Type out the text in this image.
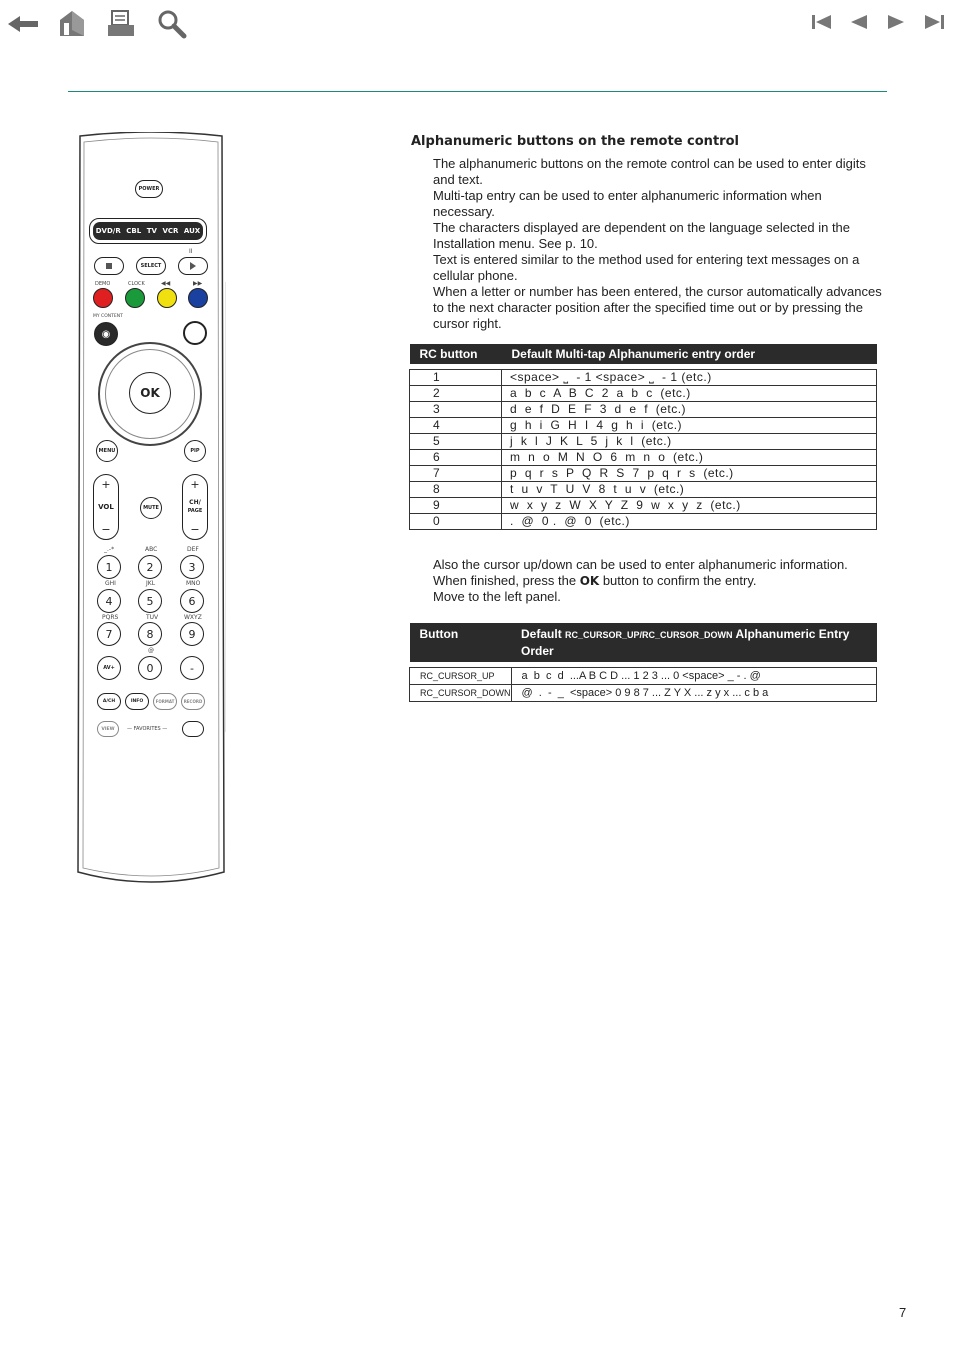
POWER
DVD/R CBL TV VCR AUX
SELECT
II
DEMO	CLOCK	◀◀	▶▶
MY CONTENT
◉
OK
MENU	PIP
+
VOL
−
MUTE
+
CH/
PAGE
−
_.-*	ABC	DEF
1	2	3
GHI	JKL	MNO
4	5	6
PQRS	TUV	WXYZ
7	8	9
@
AV+	0	-
A/CH	INFO	FORMAT	RECORD
VIEW	— FAVORITES —
Alphanumeric buttons on the remote control
The alphanumeric buttons on the remote control can be used to enter digits and text.
Multi-tap entry can be used to enter alphanumeric information when necessary.
The characters displayed are dependent on the language selected in the Installation menu. See p. 10.
Text is entered similar to the method used for entering text messages on a cellular phone.
When a letter or number has been entered, the cursor automatically advances to the next character position after the specified time out or by pressing the cursor right.
RC button	Default Multi-tap Alphanumeric entry order

1	<space> ⎵  - 1 <space> ⎵  - 1 (etc.)
2	a  b  c  A  B  C  2  a  b  c  (etc.)
3	d  e  f  D  E  F  3  d  e  f  (etc.)
4	g  h  i  G  H  I  4  g  h  i  (etc.)
5	j  k  l  J  K  L  5  j  k  l  (etc.)
6	m  n  o  M  N  O  6  m  n  o  (etc.)
7	p  q  r  s  P  Q  R  S  7  p  q  r  s  (etc.)
8	t  u  v  T  U  V  8  t  u  v  (etc.)
9	w  x  y  z  W  X  Y  Z  9  w  x  y  z  (etc.)
0	.  @  0 .  @  0  (etc.)
Also the cursor up/down can be used to enter alphanumeric information.
When finished, press the OK button to confirm the entry.
Move to the left panel.
Button	Default RC_CURSOR_UP/RC_CURSOR_DOWN Alphanumeric Entry Order

RC_CURSOR_UP	a  b  c  d  ...A B C D ... 1 2 3 ... 0 <space> _ - . @
RC_CURSOR_DOWN	@  .  -  _  <space> 0 9 8 7 ... Z Y X ... z y x ... c b a
7
